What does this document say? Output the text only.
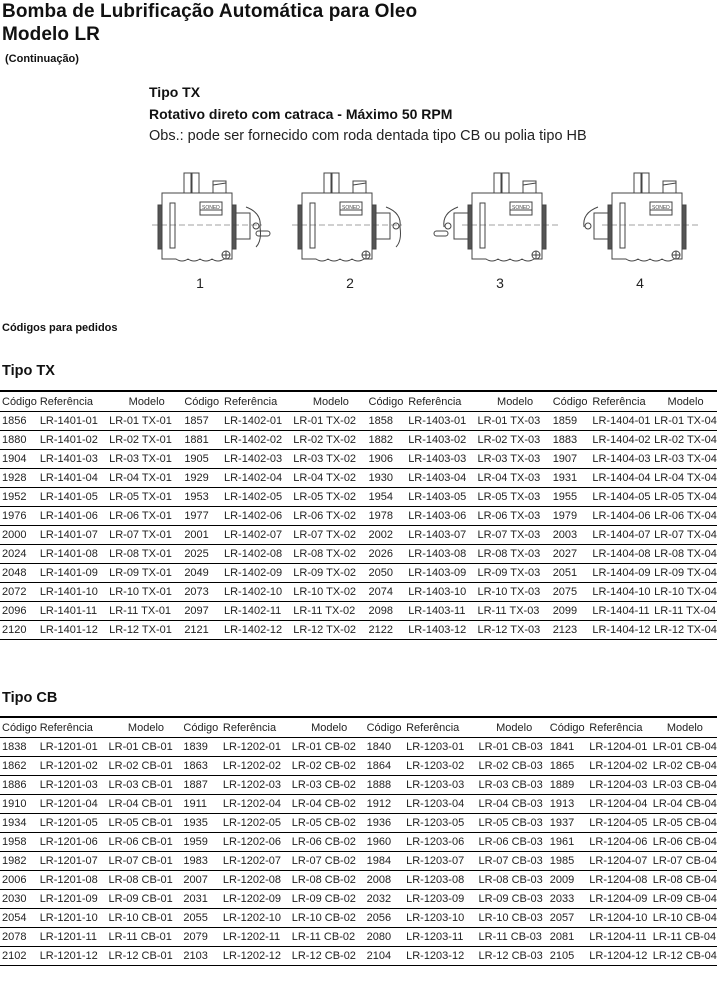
Bomba de Lubrificação Automática para Oleo
Modelo LR
(Continuação)
Tipo TX
Rotativo direto com catraca - Máximo 50 RPM
Obs.: pode ser fornecido com roda dentada tipo CB ou polia tipo HB
SONED
1
SONED
2
SONED
3
SONED
4
Códigos para pedidos
Tipo TX
Código	Referência	Modelo	Código	Referência	Modelo	Código	Referência	Modelo	Código	Referência	Modelo
1856	LR-1401-01	LR-01 TX-01	1857	LR-1402-01	LR-01 TX-02	1858	LR-1403-01	LR-01 TX-03	1859	LR-1404-01	LR-01 TX-04
1880	LR-1401-02	LR-02 TX-01	1881	LR-1402-02	LR-02 TX-02	1882	LR-1403-02	LR-02 TX-03	1883	LR-1404-02	LR-02 TX-04
1904	LR-1401-03	LR-03 TX-01	1905	LR-1402-03	LR-03 TX-02	1906	LR-1403-03	LR-03 TX-03	1907	LR-1404-03	LR-03 TX-04
1928	LR-1401-04	LR-04 TX-01	1929	LR-1402-04	LR-04 TX-02	1930	LR-1403-04	LR-04 TX-03	1931	LR-1404-04	LR-04 TX-04
1952	LR-1401-05	LR-05 TX-01	1953	LR-1402-05	LR-05 TX-02	1954	LR-1403-05	LR-05 TX-03	1955	LR-1404-05	LR-05 TX-04
1976	LR-1401-06	LR-06 TX-01	1977	LR-1402-06	LR-06 TX-02	1978	LR-1403-06	LR-06 TX-03	1979	LR-1404-06	LR-06 TX-04
2000	LR-1401-07	LR-07 TX-01	2001	LR-1402-07	LR-07 TX-02	2002	LR-1403-07	LR-07 TX-03	2003	LR-1404-07	LR-07 TX-04
2024	LR-1401-08	LR-08 TX-01	2025	LR-1402-08	LR-08 TX-02	2026	LR-1403-08	LR-08 TX-03	2027	LR-1404-08	LR-08 TX-04
2048	LR-1401-09	LR-09 TX-01	2049	LR-1402-09	LR-09 TX-02	2050	LR-1403-09	LR-09 TX-03	2051	LR-1404-09	LR-09 TX-04
2072	LR-1401-10	LR-10 TX-01	2073	LR-1402-10	LR-10 TX-02	2074	LR-1403-10	LR-10 TX-03	2075	LR-1404-10	LR-10 TX-04
2096	LR-1401-11	LR-11 TX-01	2097	LR-1402-11	LR-11 TX-02	2098	LR-1403-11	LR-11 TX-03	2099	LR-1404-11	LR-11 TX-04
2120	LR-1401-12	LR-12 TX-01	2121	LR-1402-12	LR-12 TX-02	2122	LR-1403-12	LR-12 TX-03	2123	LR-1404-12	LR-12 TX-04
Tipo CB
Código	Referência	Modelo	Código	Referência	Modelo	Código	Referência	Modelo	Código	Referência	Modelo
1838	LR-1201-01	LR-01 CB-01	1839	LR-1202-01	LR-01 CB-02	1840	LR-1203-01	LR-01 CB-03	1841	LR-1204-01	LR-01 CB-04
1862	LR-1201-02	LR-02 CB-01	1863	LR-1202-02	LR-02 CB-02	1864	LR-1203-02	LR-02 CB-03	1865	LR-1204-02	LR-02 CB-04
1886	LR-1201-03	LR-03 CB-01	1887	LR-1202-03	LR-03 CB-02	1888	LR-1203-03	LR-03 CB-03	1889	LR-1204-03	LR-03 CB-04
1910	LR-1201-04	LR-04 CB-01	1911	LR-1202-04	LR-04 CB-02	1912	LR-1203-04	LR-04 CB-03	1913	LR-1204-04	LR-04 CB-04
1934	LR-1201-05	LR-05 CB-01	1935	LR-1202-05	LR-05 CB-02	1936	LR-1203-05	LR-05 CB-03	1937	LR-1204-05	LR-05 CB-04
1958	LR-1201-06	LR-06 CB-01	1959	LR-1202-06	LR-06 CB-02	1960	LR-1203-06	LR-06 CB-03	1961	LR-1204-06	LR-06 CB-04
1982	LR-1201-07	LR-07 CB-01	1983	LR-1202-07	LR-07 CB-02	1984	LR-1203-07	LR-07 CB-03	1985	LR-1204-07	LR-07 CB-04
2006	LR-1201-08	LR-08 CB-01	2007	LR-1202-08	LR-08 CB-02	2008	LR-1203-08	LR-08 CB-03	2009	LR-1204-08	LR-08 CB-04
2030	LR-1201-09	LR-09 CB-01	2031	LR-1202-09	LR-09 CB-02	2032	LR-1203-09	LR-09 CB-03	2033	LR-1204-09	LR-09 CB-04
2054	LR-1201-10	LR-10 CB-01	2055	LR-1202-10	LR-10 CB-02	2056	LR-1203-10	LR-10 CB-03	2057	LR-1204-10	LR-10 CB-04
2078	LR-1201-11	LR-11 CB-01	2079	LR-1202-11	LR-11 CB-02	2080	LR-1203-11	LR-11 CB-03	2081	LR-1204-11	LR-11 CB-04
2102	LR-1201-12	LR-12 CB-01	2103	LR-1202-12	LR-12 CB-02	2104	LR-1203-12	LR-12 CB-03	2105	LR-1204-12	LR-12 CB-04
